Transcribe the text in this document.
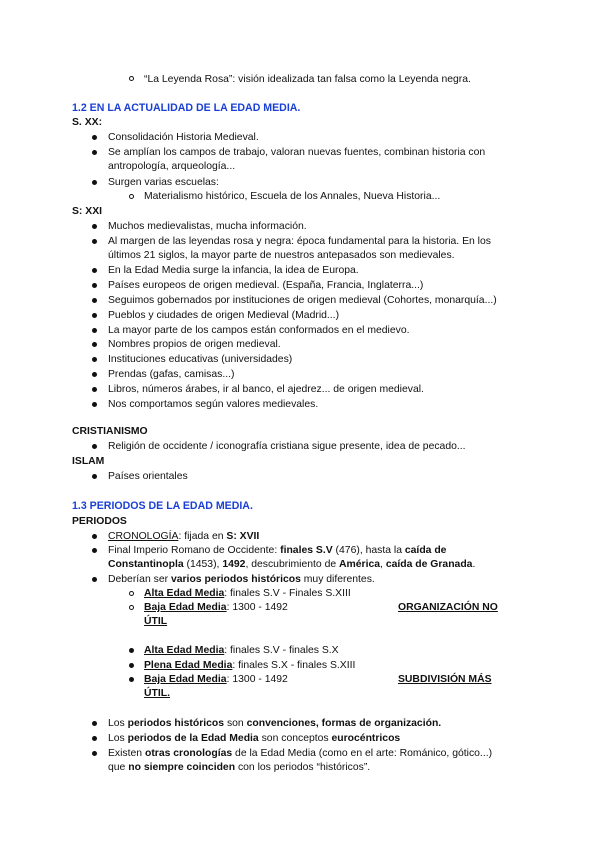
“La Leyenda Rosa”: visión idealizada tan falsa como la Leyenda negra.
1.2 EN LA ACTUALIDAD DE LA EDAD MEDIA.
S. XX:
Consolidación Historia Medieval.
Se amplían los campos de trabajo, valoran nuevas fuentes, combinan historia con
antropología, arqueología...
Surgen varias escuelas:
Materialismo histórico, Escuela de los Annales, Nueva Historia...
S: XXI
Muchos medievalistas, mucha información.
Al margen de las leyendas rosa y negra: época fundamental para la historia. En los
últimos 21 siglos, la mayor parte de nuestros antepasados son medievales.
En la Edad Media surge la infancia, la idea de Europa.
Países europeos de origen medieval. (España, Francia, Inglaterra...)
Seguimos gobernados por instituciones de origen medieval (Cohortes, monarquía...)
Pueblos y ciudades de origen Medieval (Madrid...)
La mayor parte de los campos están conformados en el medievo.
Nombres propios de origen medieval.
Instituciones educativas (universidades)
Prendas (gafas, camisas...)
Libros, números árabes, ir al banco, el ajedrez... de origen medieval.
Nos comportamos según valores medievales.
CRISTIANISMO
Religión de occidente / iconografía cristiana sigue presente, idea de pecado...
ISLAM
Países orientales
1.3 PERIODOS DE LA EDAD MEDIA.
PERIODOS
CRONOLOGÍA: fijada en S: XVII
Final Imperio Romano de Occidente: finales S.V (476), hasta la caída de
Constantinopla (1453), 1492, descubrimiento de América, caída de Granada.
Deberían ser varios periodos históricos muy diferentes.
Alta Edad Media: finales S.V - Finales S.XIII
Baja Edad Media: 1300 - 1492	ORGANIZACIÓN NO
ÚTIL
Alta Edad Media: finales S.V - finales S.X
Plena Edad Media: finales S.X - finales S.XIII
Baja Edad Media: 1300 - 1492	SUBDIVISIÓN MÁS
ÚTIL.
Los periodos históricos son convenciones, formas de organización.
Los periodos de la Edad Media son conceptos eurocéntricos
Existen otras cronologías de la Edad Media (como en el arte: Románico, gótico...)
que no siempre coinciden con los periodos “históricos”.
